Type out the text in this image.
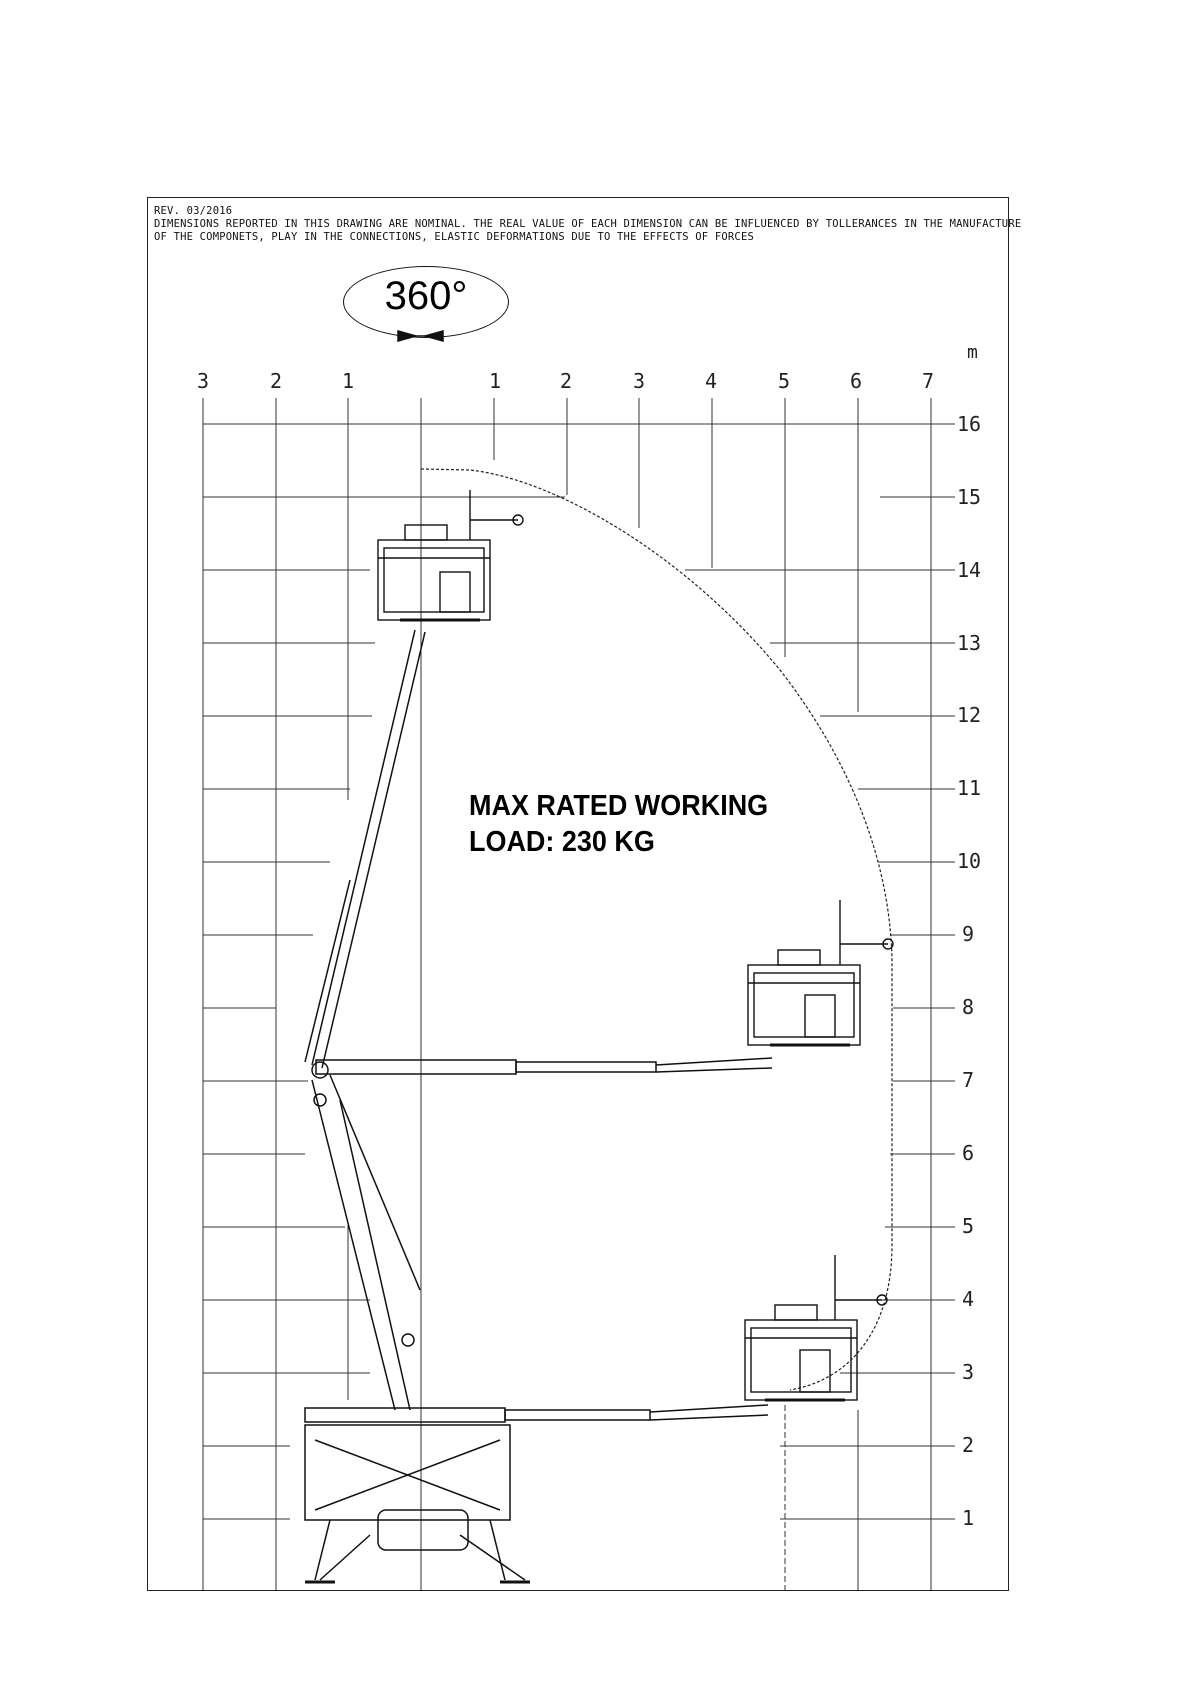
REV. 03/2016
DIMENSIONS REPORTED IN THIS DRAWING ARE NOMINAL. THE REAL VALUE OF EACH DIMENSION CAN BE INFLUENCED BY TOLLERANCES IN THE MANUFACTURE
OF THE COMPONETS, PLAY IN THE CONNECTIONS, ELASTIC DEFORMATIONS DUE TO THE EFFECTS OF FORCES
360°
m
3	2	1	1	2	3	4	5	6	7
16
15
14
13
12
11
10
9
8
7
6
5
4
3
2
1
MAX RATED WORKING
LOAD: 230 KG
